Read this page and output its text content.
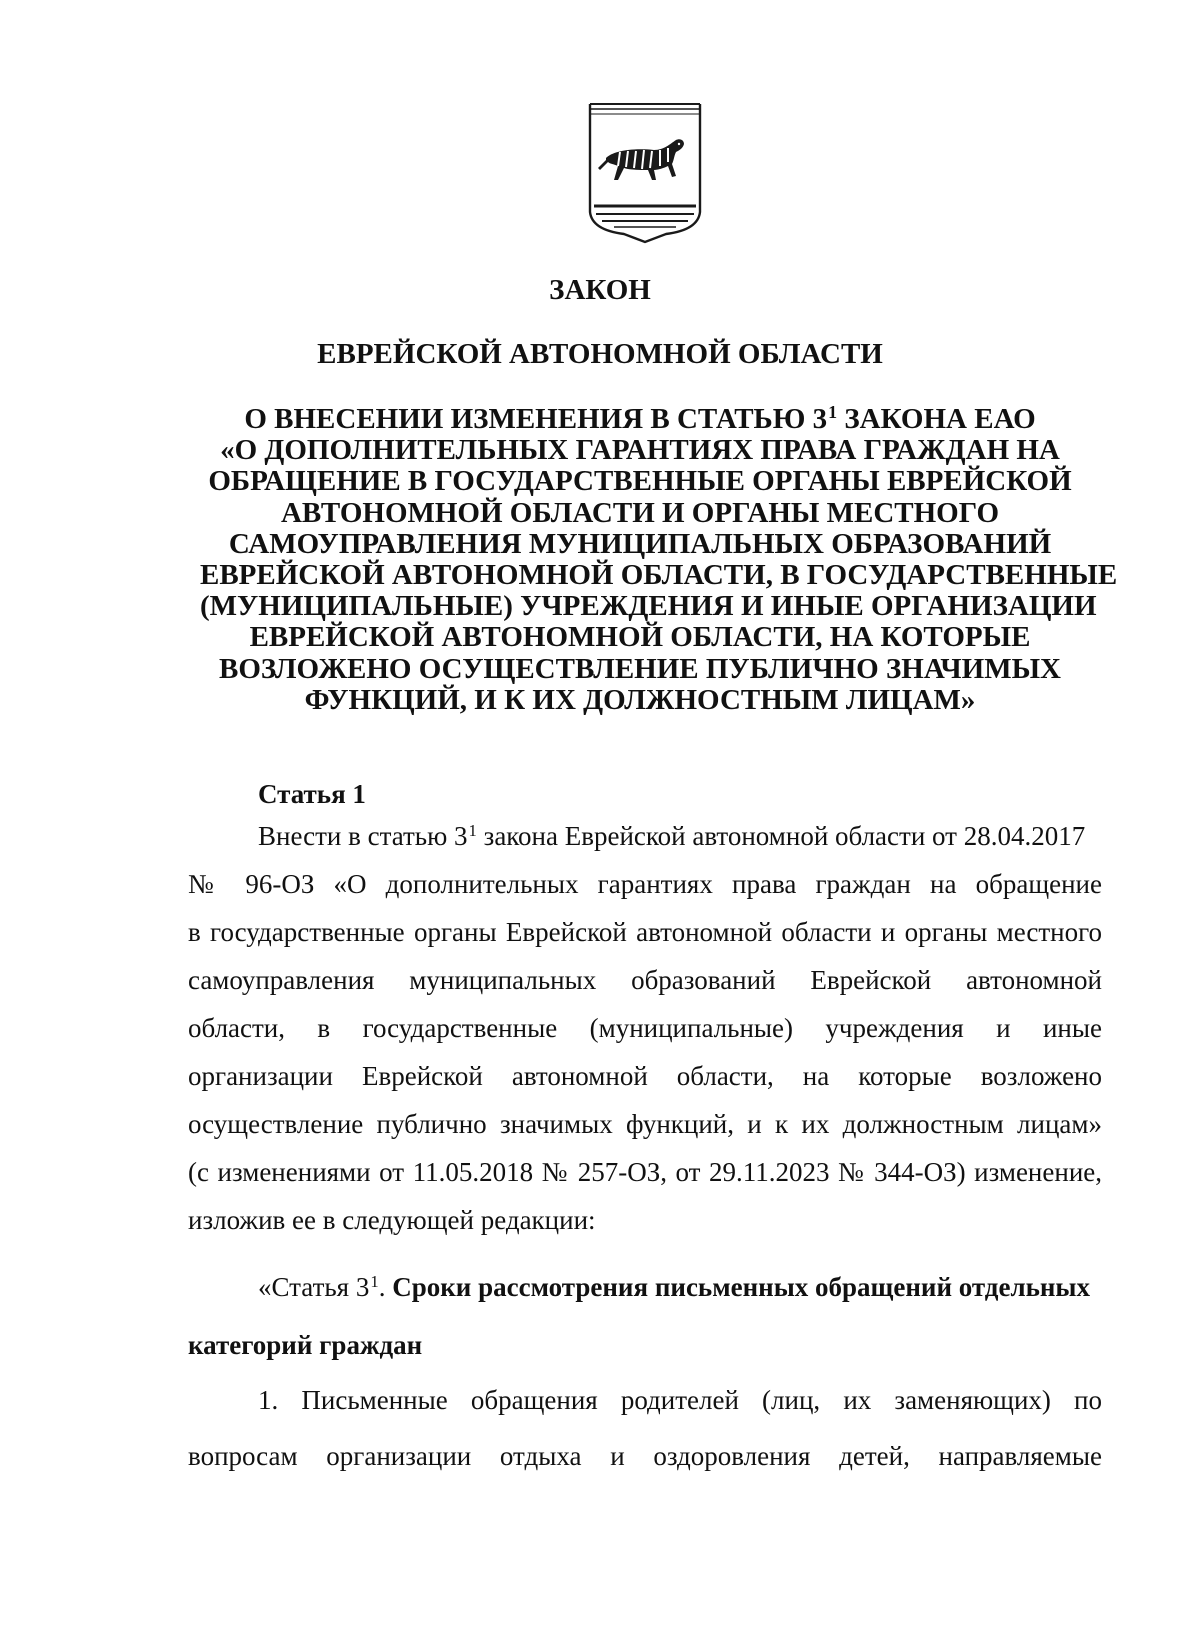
ЗАКОН
ЕВРЕЙСКОЙ АВТОНОМНОЙ ОБЛАСТИ
О ВНЕСЕНИИ ИЗМЕНЕНИЯ В СТАТЬЮ $3^1$ ЗАКОНА ЕАО
«О ДОПОЛНИТЕЛЬНЫХ ГАРАНТИЯХ ПРАВА ГРАЖДАН НА
ОБРАЩЕНИЕ В ГОСУДАРСТВЕННЫЕ ОРГАНЫ ЕВРЕЙСКОЙ
АВТОНОМНОЙ ОБЛАСТИ И ОРГАНЫ МЕСТНОГО
САМОУПРАВЛЕНИЯ МУНИЦИПАЛЬНЫХ ОБРАЗОВАНИЙ
ЕВРЕЙСКОЙ АВТОНОМНОЙ ОБЛАСТИ, В ГОСУДАРСТВЕННЫЕ
(МУНИЦИПАЛЬНЫЕ) УЧРЕЖДЕНИЯ И ИНЫЕ ОРГАНИЗАЦИИ
ЕВРЕЙСКОЙ АВТОНОМНОЙ ОБЛАСТИ, НА КОТОРЫЕ
ВОЗЛОЖЕНО ОСУЩЕСТВЛЕНИЕ ПУБЛИЧНО ЗНАЧИМЫХ
ФУНКЦИЙ, И К ИХ ДОЛЖНОСТНЫМ ЛИЦАМ»
Статья 1
Внести в статью $3^1$ закона Еврейской автономной области от 28.04.2017
№ 96-ОЗ «О дополнительных гарантиях права граждан на обращение
в государственные органы Еврейской автономной области и органы местного
самоуправления муниципальных образований Еврейской автономной
области, в государственные (муниципальные) учреждения и иные
организации Еврейской автономной области, на которые возложено
осуществление публично значимых функций, и к их должностным лицам»
(с изменениями от 11.05.2018 № 257-ОЗ, от 29.11.2023 № 344-ОЗ) изменение,
изложив ее в следующей редакции:
«Статья $3^1$. Сроки рассмотрения письменных обращений отдельных
категорий граждан
1. Письменные обращения родителей (лиц, их заменяющих) по
вопросам организации отдыха и оздоровления детей, направляемые
